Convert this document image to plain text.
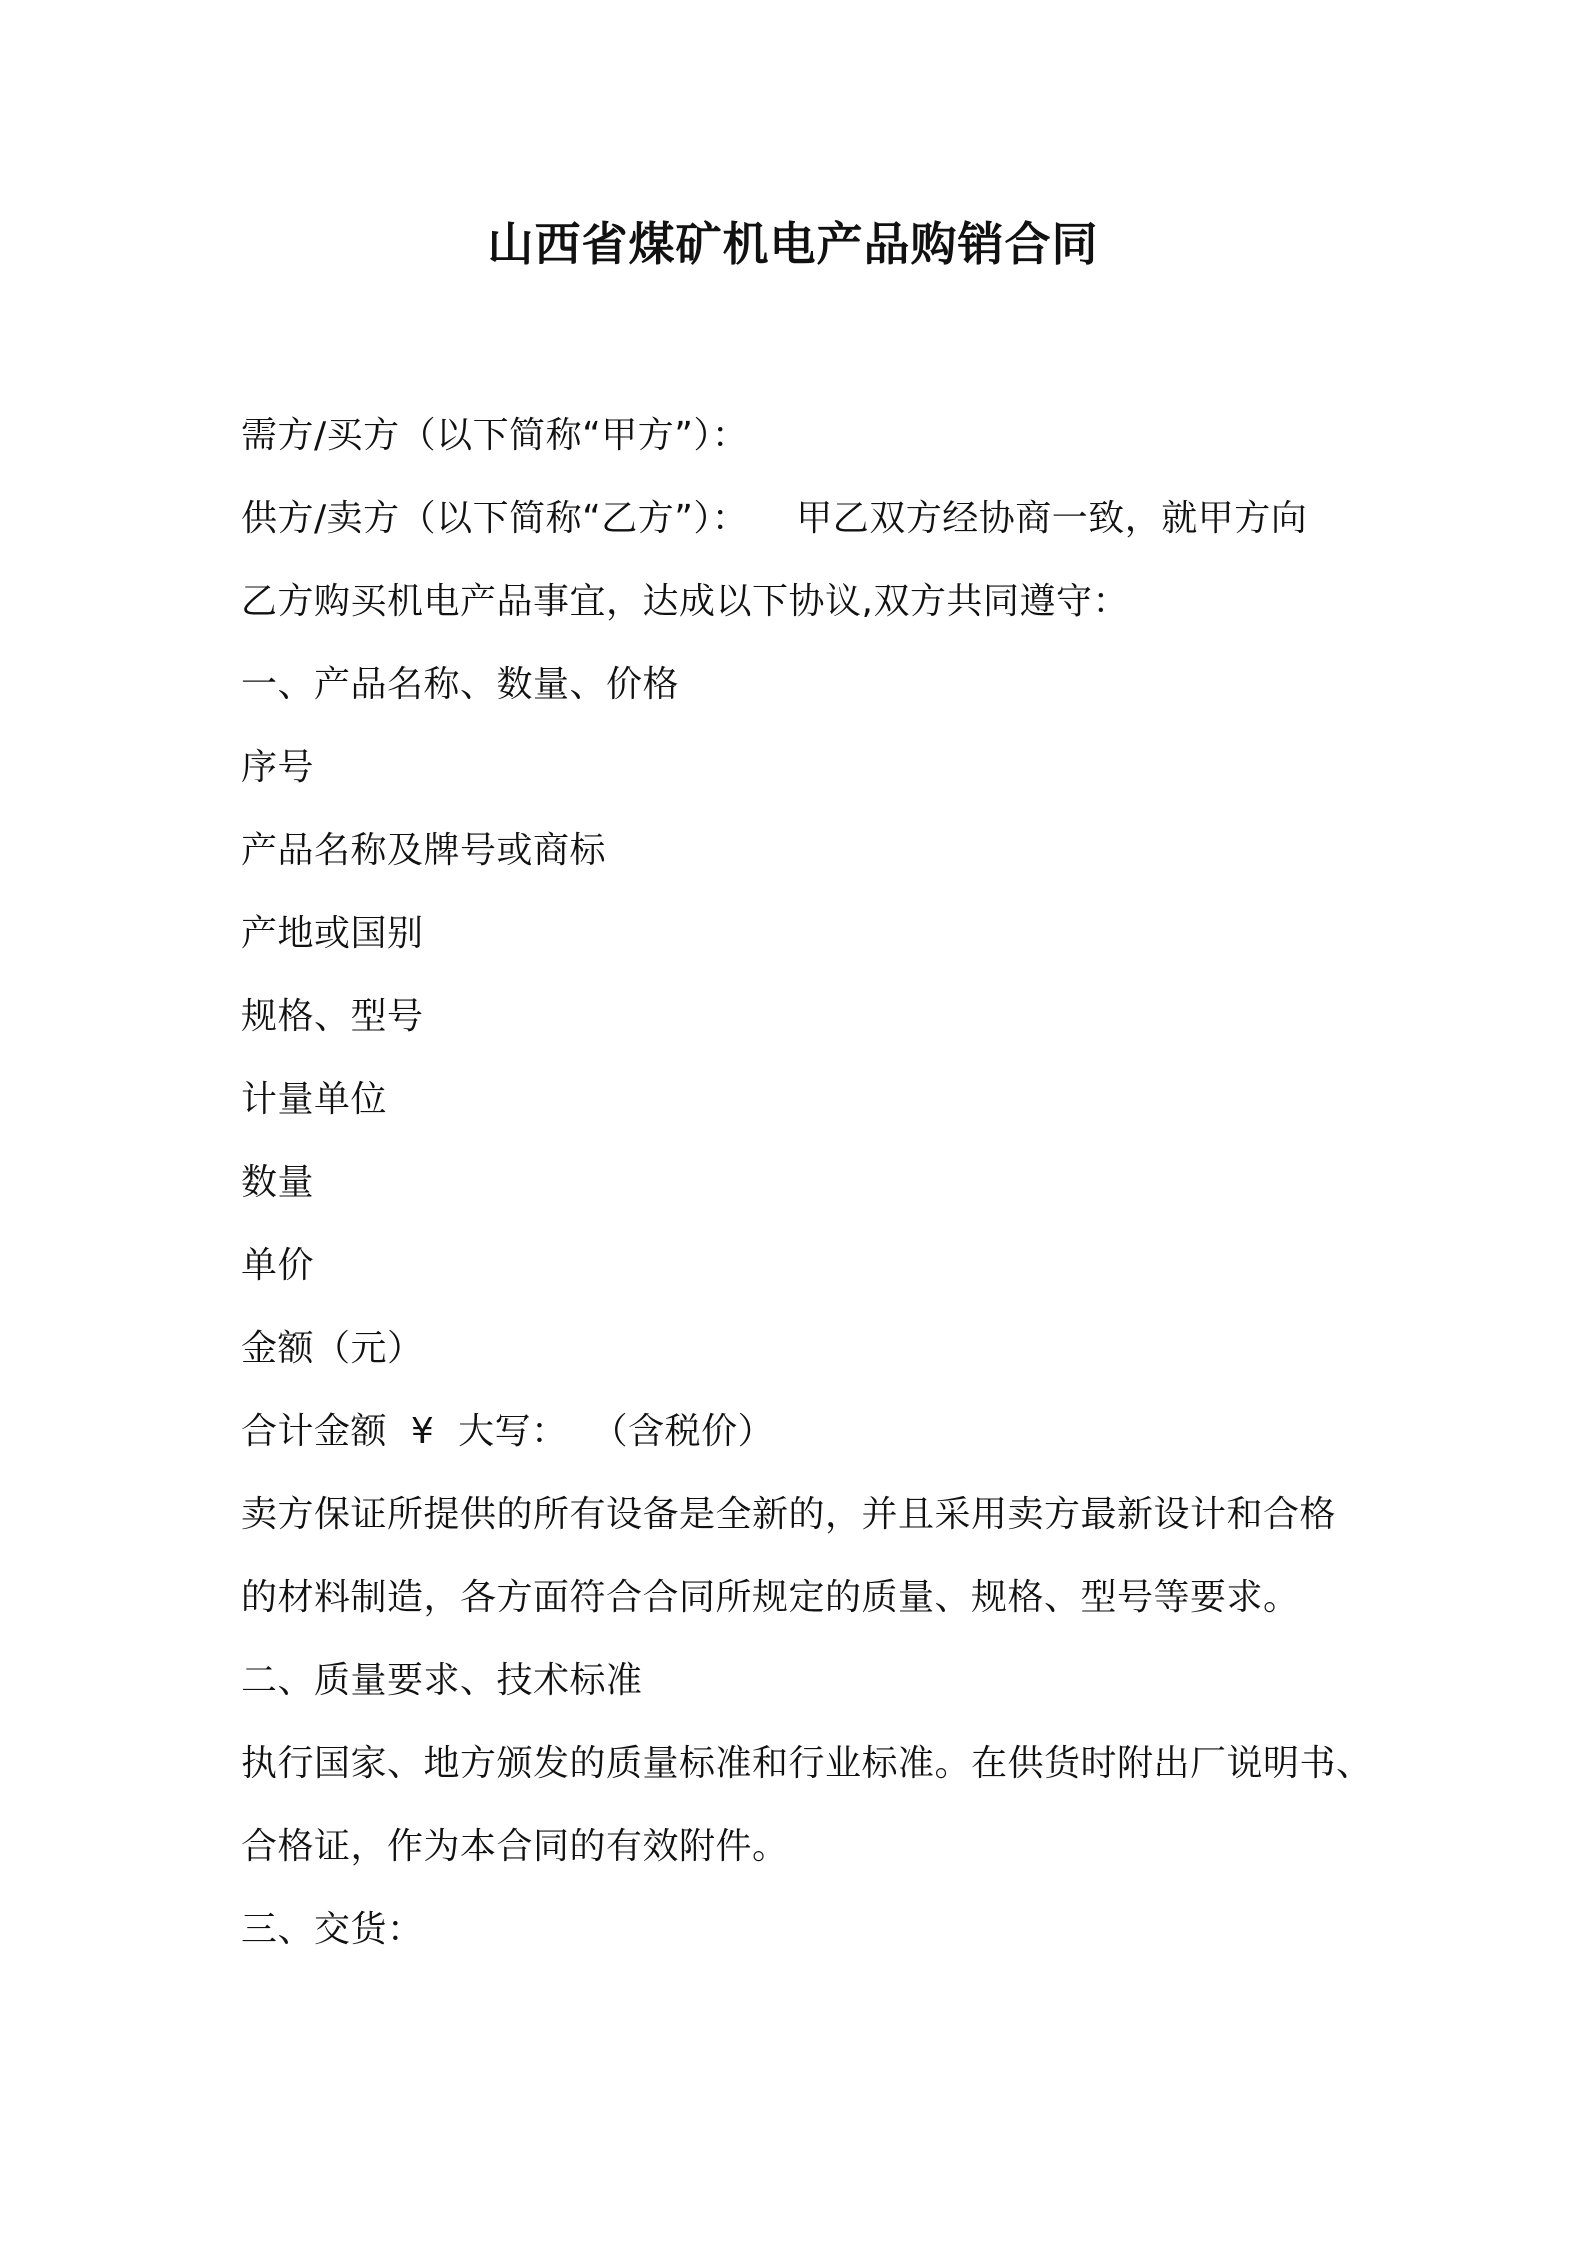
山西省煤矿机电产品购销合同
需方/买方（以下简称“甲方”）：
供方/卖方（以下简称“乙方”）：    甲乙双方经协商一致，就甲方向
乙方购买机电产品事宜，达成以下协议,双方共同遵守：
一、产品名称、数量、价格
序号
产品名称及牌号或商标
产地或国别
规格、型号
计量单位
数量
单价
金额（元）
合计金额  ¥  大写：  （含税价）
卖方保证所提供的所有设备是全新的，并且采用卖方最新设计和合格
的材料制造，各方面符合合同所规定的质量、规格、型号等要求。
二、质量要求、技术标准
执行国家、地方颁发的质量标准和行业标准。在供货时附出厂说明书、
合格证，作为本合同的有效附件。
三、交货：
